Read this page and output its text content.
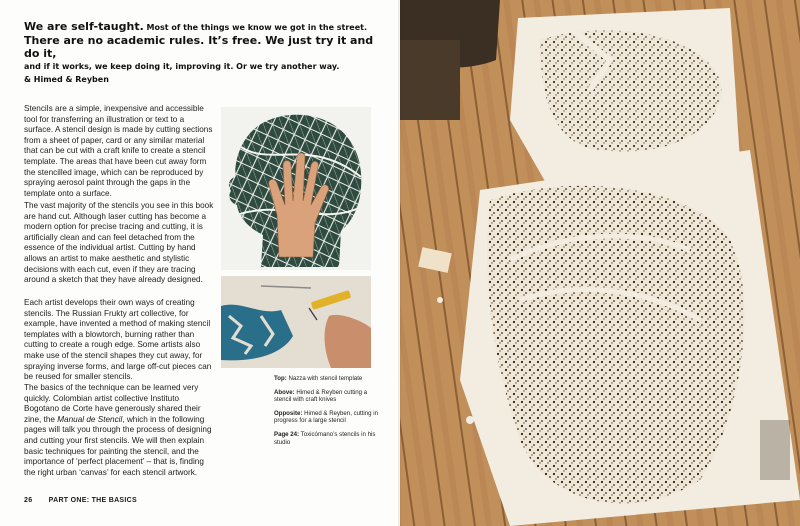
We are self-taught. Most of the things we know we got in the street.
There are no academic rules. It’s free. We just try it and do it,
and if it works, we keep doing it, improving it. Or we try another way.
& Himed & Reyben

Stencils are a simple, inexpensive and accessible tool for transferring an illustration or text to a surface. A stencil design is made by cutting sections from a sheet of paper, card or any similar material that can be cut with a craft knife to create a stencil template. The areas that have been cut away form the stencilled image, which can be reproduced by spraying aerosol paint through the gaps in the template onto a surface.

The vast majority of the stencils you see in this book are hand cut. Although laser cutting has become a modern option for precise tracing and cutting, it is artificially clean and can feel detached from the essence of the individual artist. Cutting by hand allows an artist to make aesthetic and stylistic decisions with each cut, even if they are tracing around a sketch that they have already designed.

Each artist develops their own ways of creating stencils. The Russian Frukty art collective, for example, have invented a method of making stencil templates with a blowtorch, burning rather than cutting to create a rough edge. Some artists also make use of the stencil shapes they cut away, for spraying inverse forms, and large off-cut pieces can be reused for smaller stencils.

The basics of the technique can be learned very quickly. Colombian artist collective Instituto Bogotano de Corte have generously shared their zine, the Manual de Stencil, which in the following pages will talk you through the process of designing and cutting your first stencils. We will then explain basic techniques for painting the stencil, and the importance of ‘perfect placement’ – that is, finding the right urban ‘canvas’ for each stencil artwork.

Top: Nazza with stencil template

Above: Himed & Reyben cutting a stencil with craft knives

Opposite: Himed & Reyben, cutting in progress for a large stencil

Page 24: Toxicómano’s stencils in his studio

26 PART ONE: THE BASICS
